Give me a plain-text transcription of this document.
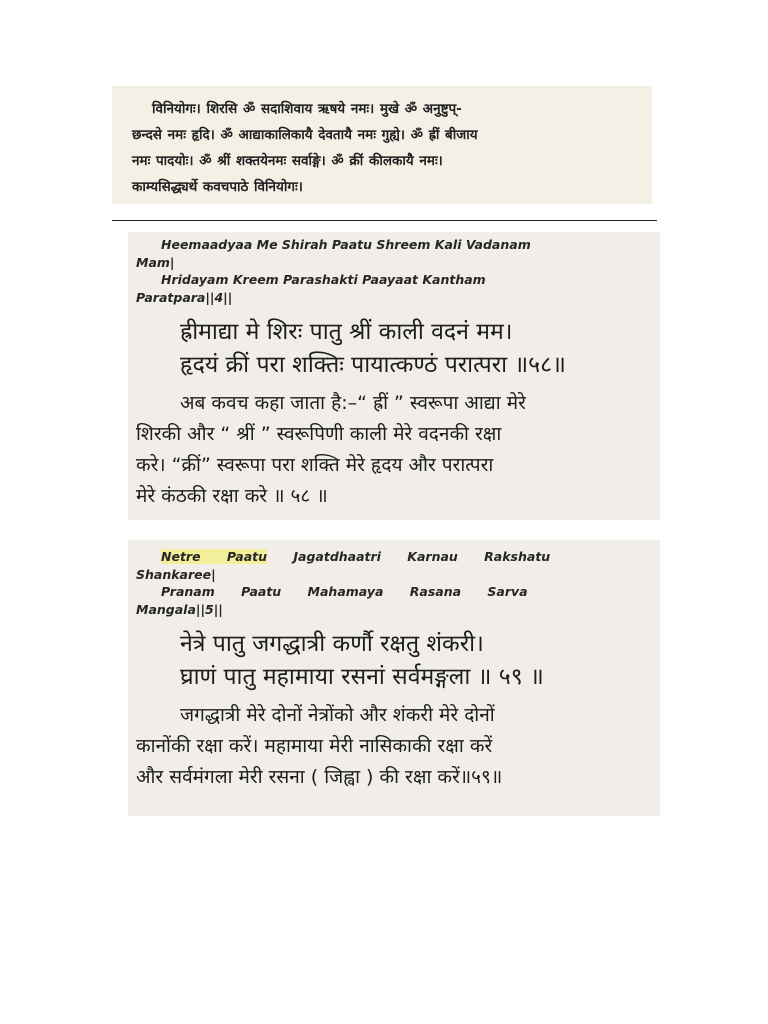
विनियोगः। शिरसि ॐ सदाशिवाय ऋषये नमः। मुखे ॐ अनुष्टुप्-

छन्दसे नमः हृदि। ॐ आद्याकालिकायै देवतायै नमः गुह्ये। ॐ ह्रीं बीजाय

नमः पादयोः। ॐ श्रीं शक्तयेनमः सर्वाङ्गे। ॐ क्रीं कीलकायै नमः।

काम्यसिद्ध्यर्थे कवचपाठे विनियोगः।

Heemaadyaa Me Shirah Paatu Shreem Kali Vadanam

Mam|

Hridayam Kreem Parashakti Paayaat Kantham

Paratpara||4||

ह्रीमाद्या मे शिरः पातु श्रीं काली वदनं मम।

हृदयं क्रीं परा शक्तिः पायात्कण्ठं परात्परा ॥५८॥

अब कवच कहा जाता है:–“ ह्रीं ” स्वरूपा आद्या मेरे

शिरकी और “ श्रीं ” स्वरूपिणी काली मेरे वदनकी रक्षा

करे। “क्रीं” स्वरूपा परा शक्ति मेरे हृदय और परात्परा

मेरे कंठकी रक्षा करे ॥ ५८ ॥

Netre Paatu Jagatdhaatri Karnau Rakshatu

Shankaree|

Pranam Paatu Mahamaya Rasana Sarva

Mangala||5||

नेत्रे पातु जगद्धात्री कर्णौ रक्षतु शंकरी।

घ्राणं पातु महामाया रसनां सर्वमङ्गला ॥ ५९ ॥

जगद्धात्री मेरे दोनों नेत्रोंको और शंकरी मेरे दोनों

कानोंकी रक्षा करें। महामाया मेरी नासिकाकी रक्षा करें

और सर्वमंगला मेरी रसना ( जिह्वा ) की रक्षा करें॥५९॥
